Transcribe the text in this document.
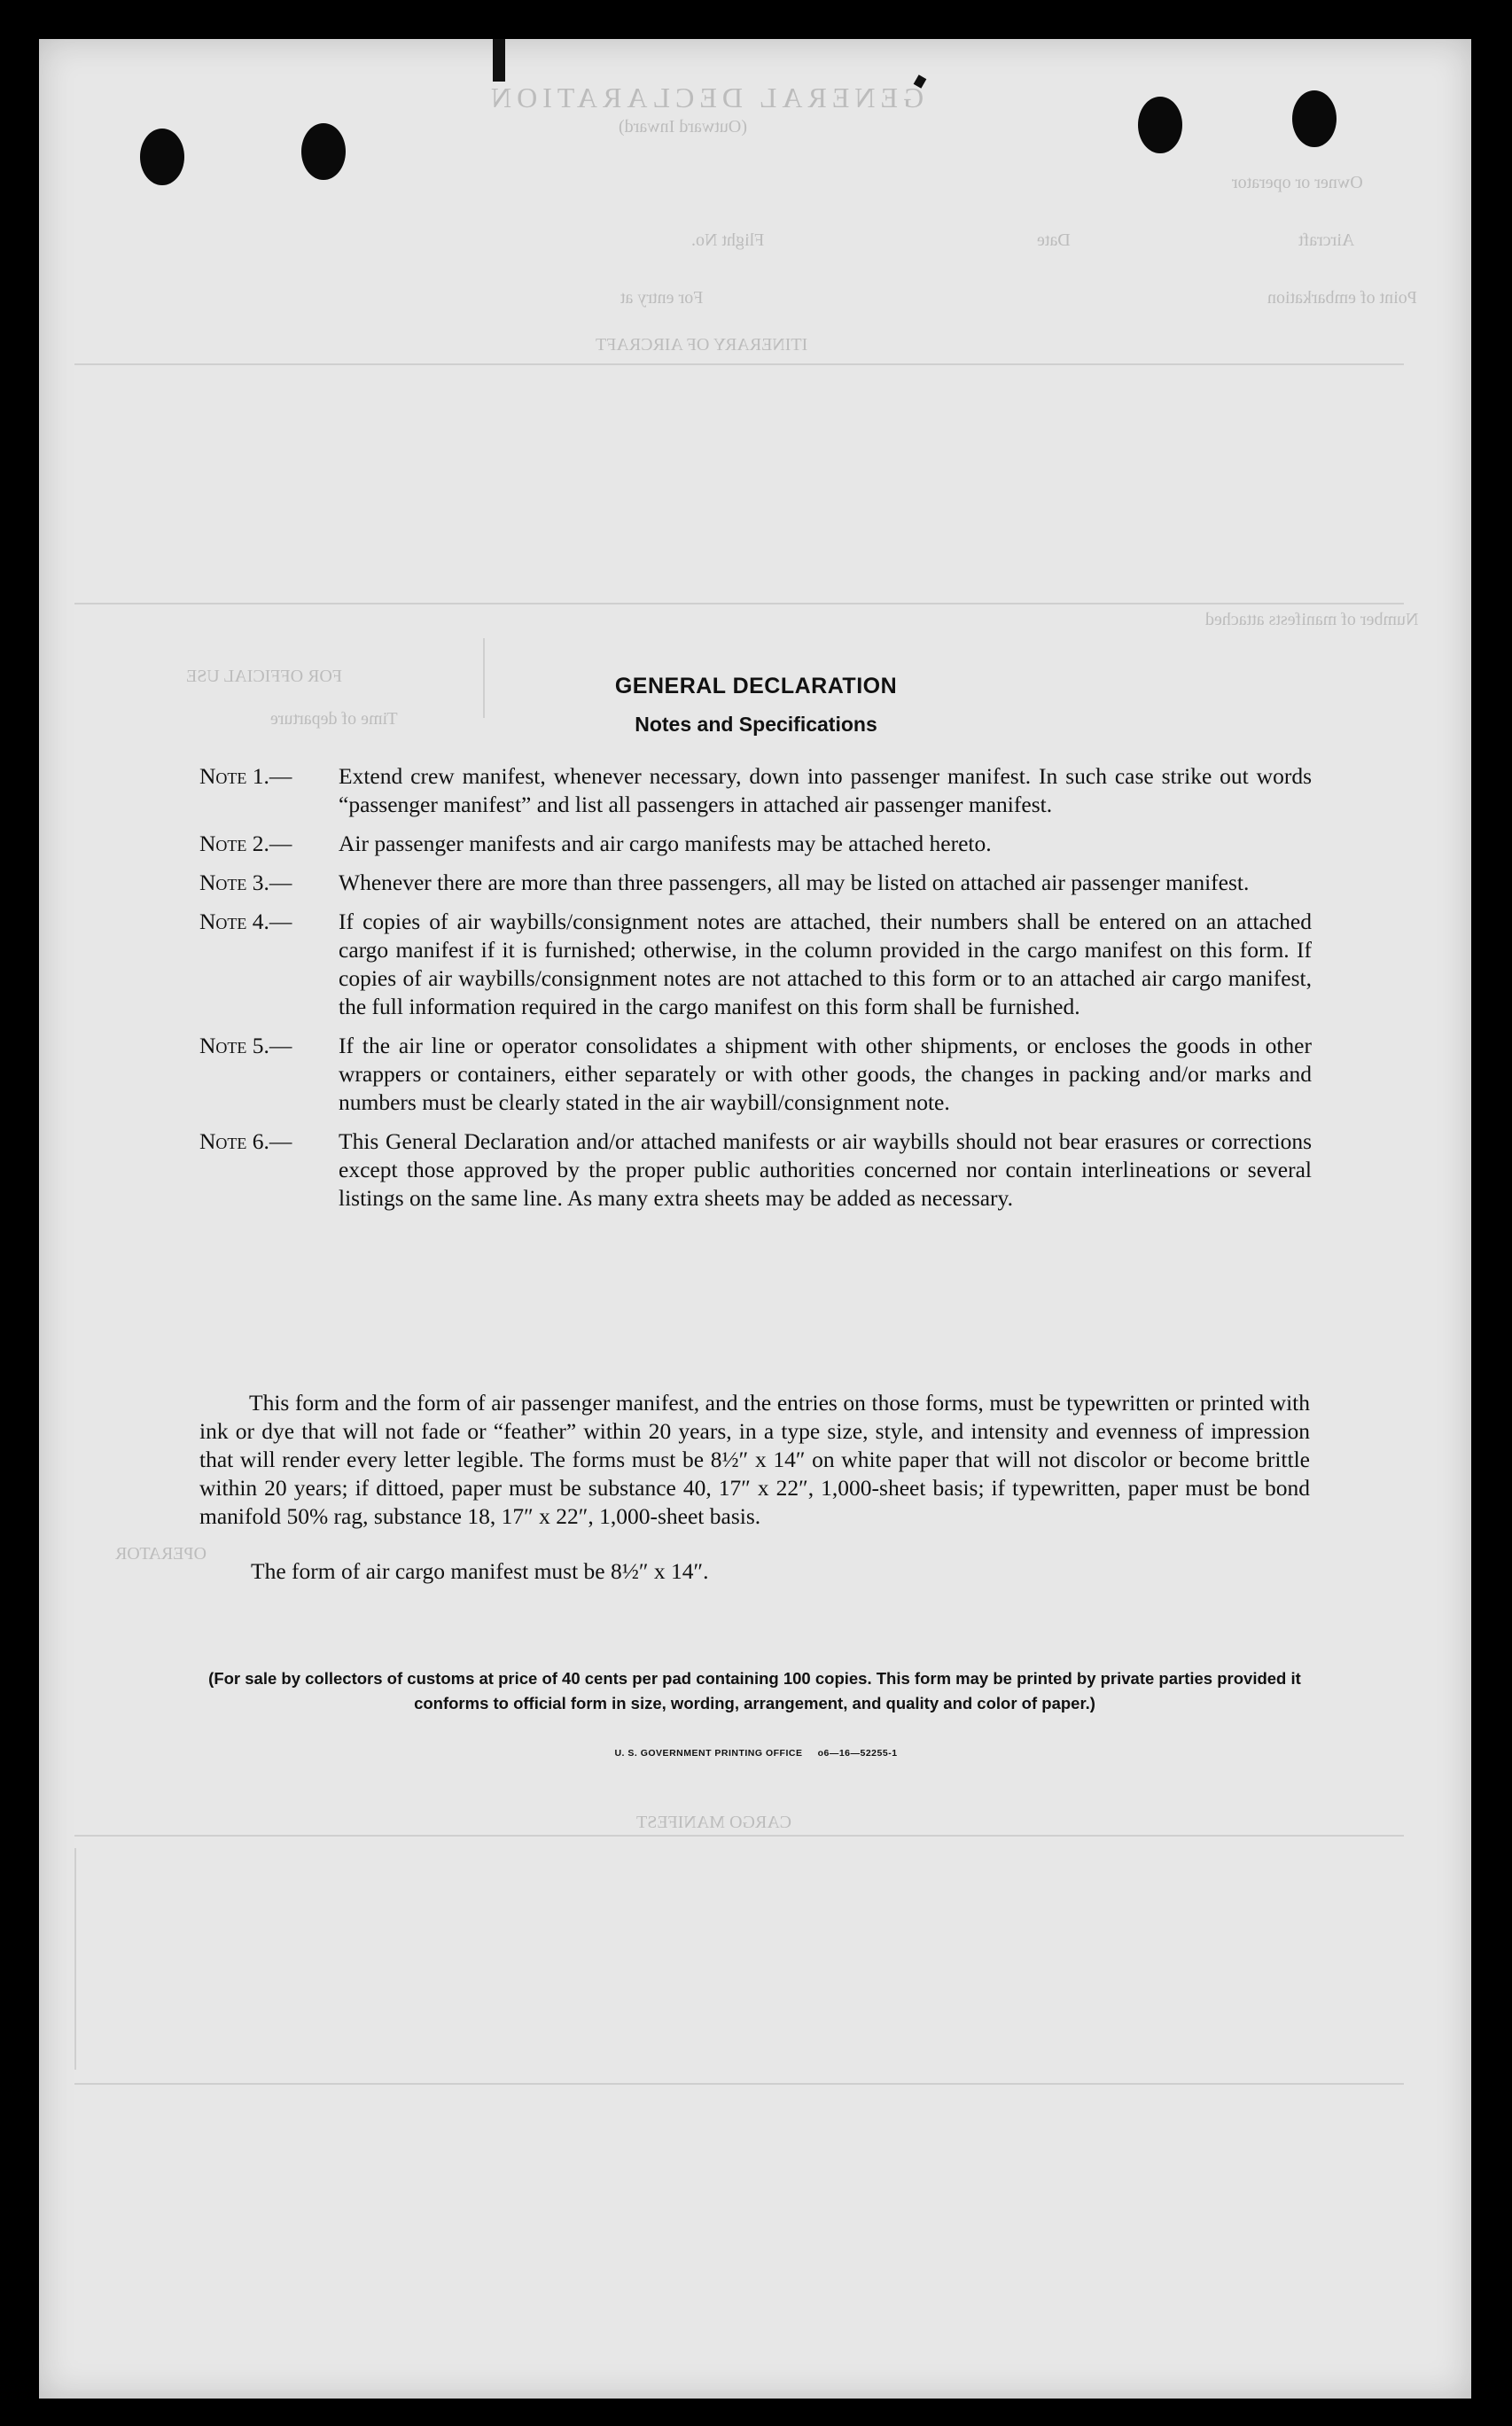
GENERAL DECLARATION
(Outward Inward)
Owner or operator
Aircraft
Flight No.	Date
Point of embarkation
For entry at
ITINERARY OF AIRCRAFT
Number of manifests attached
FOR OFFICIAL USE
Time of departure
CARGO MANIFEST
OPERATOR
GENERAL DECLARATION
Notes and Specifications
Note 1.— Extend crew manifest, whenever necessary, down into passenger manifest. In such case strike out words “passenger manifest” and list all passengers in attached air passenger manifest.
Note 2.— Air passenger manifests and air cargo manifests may be attached hereto.
Note 3.— Whenever there are more than three passengers, all may be listed on attached air passenger manifest.
Note 4.— If copies of air waybills/consignment notes are attached, their numbers shall be entered on an attached cargo manifest if it is furnished; otherwise, in the column provided in the cargo manifest on this form. If copies of air waybills/consignment notes are not attached to this form or to an attached air cargo manifest, the full information required in the cargo manifest on this form shall be furnished.
Note 5.— If the air line or operator consolidates a shipment with other shipments, or encloses the goods in other wrappers or containers, either separately or with other goods, the changes in packing and/or marks and numbers must be clearly stated in the air waybill/consignment note.
Note 6.— This General Declaration and/or attached manifests or air waybills should not bear erasures or corrections except those approved by the proper public authorities concerned nor contain interlineations or several listings on the same line. As many extra sheets may be added as necessary.
This form and the form of air passenger manifest, and the entries on those forms, must be typewritten or printed with ink or dye that will not fade or “feather” within 20 years, in a type size, style, and intensity and evenness of impression that will render every letter legible. The forms must be 8½″ x 14″ on white paper that will not discolor or become brittle within 20 years; if dittoed, paper must be substance 40, 17″ x 22″, 1,000-sheet basis; if typewritten, paper must be bond manifold 50% rag, substance 18, 17″ x 22″, 1,000-sheet basis.
The form of air cargo manifest must be 8½″ x 14″.
(For sale by collectors of customs at price of 40 cents per pad containing 100 copies. This form may be printed by private parties provided it conforms to official form in size, wording, arrangement, and quality and color of paper.)
U. S. GOVERNMENT PRINTING OFFICE     o6—16—52255-1
